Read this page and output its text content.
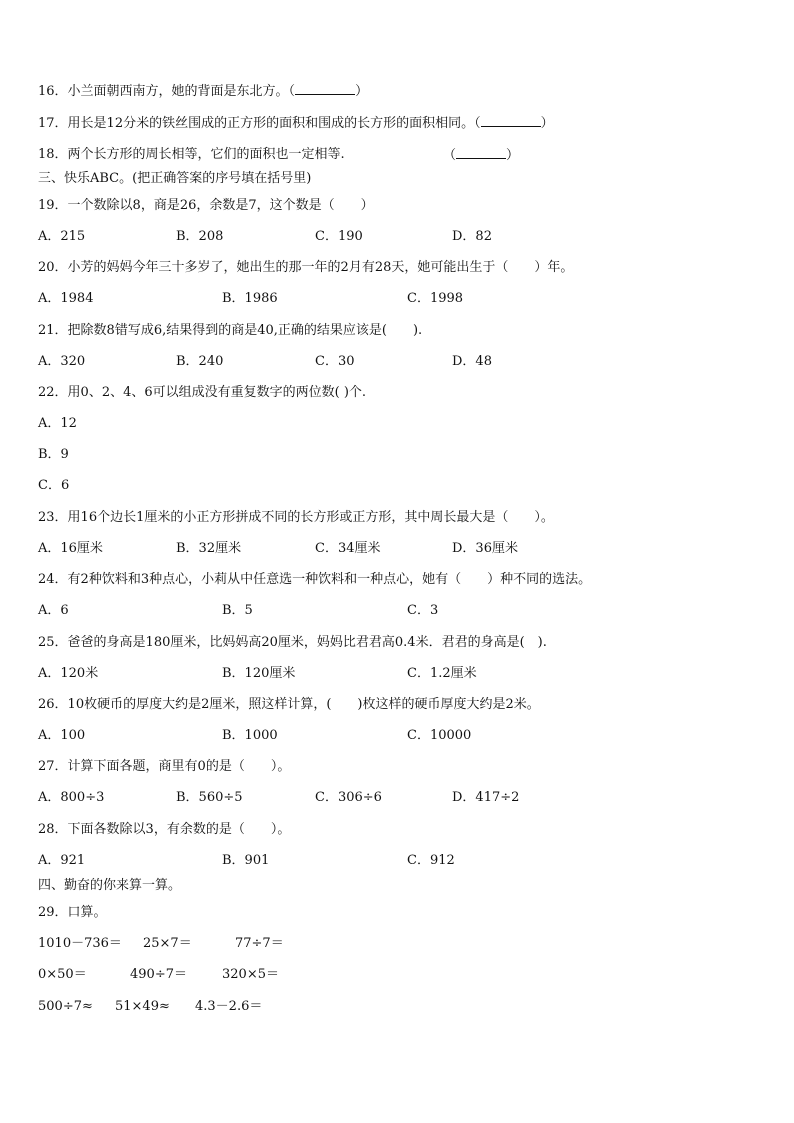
16．小兰面朝西南方，她的背面是东北方。（	）
17．用长是12分米的铁丝围成的正方形的面积和围成的长方形的面积相同。（	）
18．两个长方形的周长相等，它们的面积也一定相等.	（	）
三、快乐ABC。(把正确答案的序号填在括号里)
19．一个数除以8，商是26，余数是7，这个数是（　　）
A．215	B．208	C．190	D．82
20．小芳的妈妈今年三十多岁了，她出生的那一年的2月有28天，她可能出生于（　　）年。
A．1984	B．1986	C．1998
21．把除数8错写成6,结果得到的商是40,正确的结果应该是(　　).
A．320	B．240	C．30	D．48
22．用0、2、4、6可以组成没有重复数字的两位数( )个.
A．12
B．9
C．6
23．用16个边长1厘米的小正方形拼成不同的长方形或正方形，其中周长最大是（　　）。
A．16厘米	B．32厘米	C．34厘米	D．36厘米
24．有2种饮料和3种点心，小莉从中任意选一种饮料和一种点心，她有（　　）种不同的选法。
A．6	B．5	C．3
25．爸爸的身高是180厘米，比妈妈高20厘米，妈妈比君君高0.4米．君君的身高是(　).
A．120米	B．120厘米	C．1.2厘米
26．10枚硬币的厚度大约是2厘米，照这样计算，(　　)枚这样的硬币厚度大约是2米。
A．100	B．1000	C．10000
27．计算下面各题，商里有0的是（　　）。
A．800÷3	B．560÷5	C．306÷6	D．417÷2
28．下面各数除以3，有余数的是（　　）。
A．921	B．901	C．912
四、勤奋的你来算一算。
29．口算。
1010－736＝ 25×7＝	77÷7＝
0×50＝	490÷7＝	320×5＝
500÷7≈ 51×49≈ 4.3－2.6＝
